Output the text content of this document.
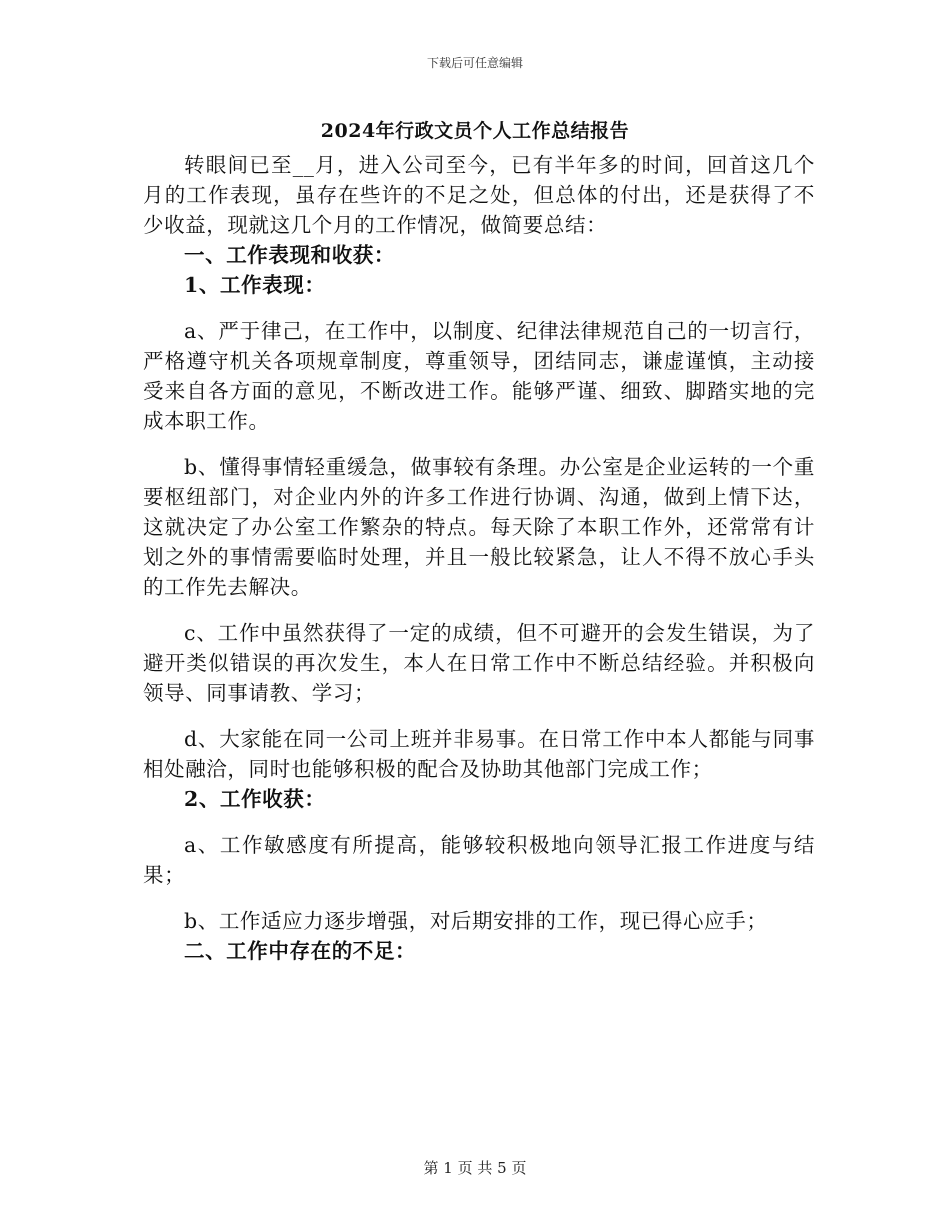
下载后可任意编辑
2024年行政文员个人工作总结报告

转眼间已至__月，进入公司至今，已有半年多的时间，回首这几个月的工作表现，虽存在些许的不足之处，但总体的付出，还是获得了不少收益，现就这几个月的工作情况，做简要总结：

一、工作表现和收获：

1、工作表现：

a、严于律己，在工作中，以制度、纪律法律规范自己的一切言行，严格遵守机关各项规章制度，尊重领导，团结同志，谦虚谨慎，主动接受来自各方面的意见，不断改进工作。能够严谨、细致、脚踏实地的完成本职工作。

b、懂得事情轻重缓急，做事较有条理。办公室是企业运转的一个重要枢纽部门，对企业内外的许多工作进行协调、沟通，做到上情下达，这就决定了办公室工作繁杂的特点。每天除了本职工作外，还常常有计划之外的事情需要临时处理，并且一般比较紧急，让人不得不放心手头的工作先去解决。

c、工作中虽然获得了一定的成绩，但不可避开的会发生错误，为了避开类似错误的再次发生，本人在日常工作中不断总结经验。并积极向领导、同事请教、学习；

d、大家能在同一公司上班并非易事。在日常工作中本人都能与同事相处融洽，同时也能够积极的配合及协助其他部门完成工作；

2、工作收获：

a、工作敏感度有所提高，能够较积极地向领导汇报工作进度与结果；

b、工作适应力逐步增强，对后期安排的工作，现已得心应手；

二、工作中存在的不足：

第 1 页 共 5 页
